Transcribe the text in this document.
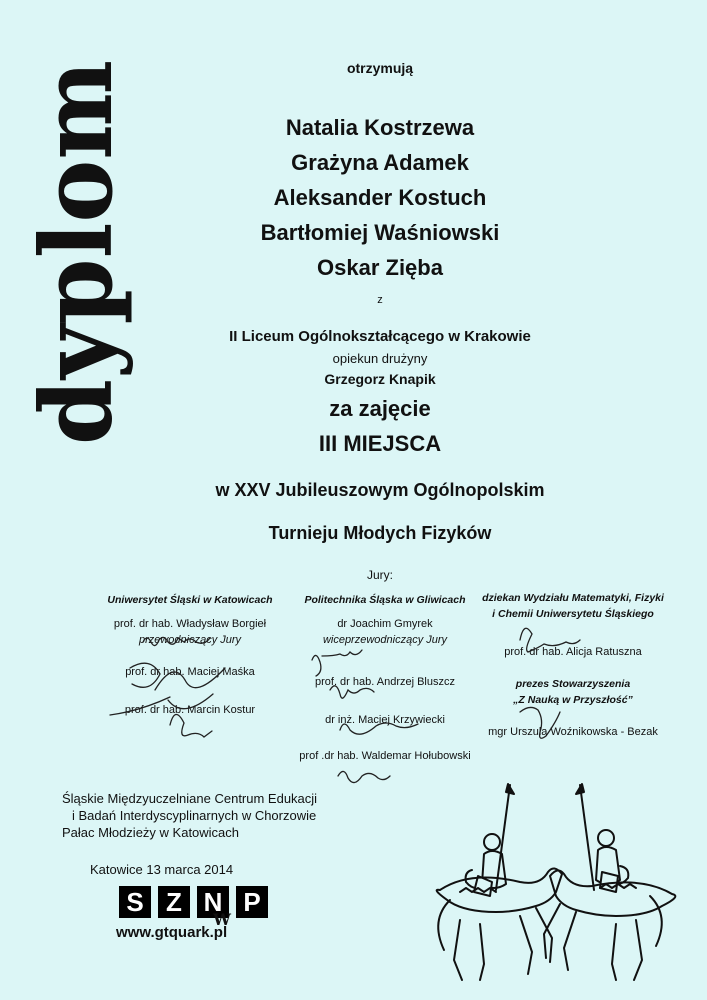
dyplom	otrzymują
Natalia Kostrzewa
Grażyna Adamek
Aleksander Kostuch
Bartłomiej Waśniowski
Oskar Zięba
z
II Liceum Ogólnokształcącego w Krakowie
opiekun drużyny
Grzegorz Knapik
za zajęcie
III MIEJSCA
w XXV Jubileuszowym Ogólnopolskim
Turnieju Młodych Fizyków
Jury:
Uniwersytet Śląski w Katowicach
prof. dr hab. Władysław Borgieł
przewodniczący Jury
prof. dr hab. Maciej Maśka
prof. dr hab. Marcin Kostur
Politechnika Śląska w Gliwicach
dr Joachim Gmyrek
wiceprzewodniczący Jury
prof. dr hab. Andrzej Bluszcz
dr inż. Maciej Krzywiecki
prof .dr hab. Waldemar Hołubowski
dziekan Wydziału Matematyki, Fizyki
i Chemii Uniwersytetu Śląskiego
prof. dr hab. Alicja Ratuszna
prezes Stowarzyszenia
„Z Nauką w Przyszłość”
mgr Urszula Woźnikowska - Bezak
Śląskie Międzyuczelniane Centrum Edukacji
i Badań Interdyscyplinarnych w Chorzowie
Pałac Młodzieży w Katowicach
Katowice 13 marca 2014
S Z N P
W
www.gtquark.pl
